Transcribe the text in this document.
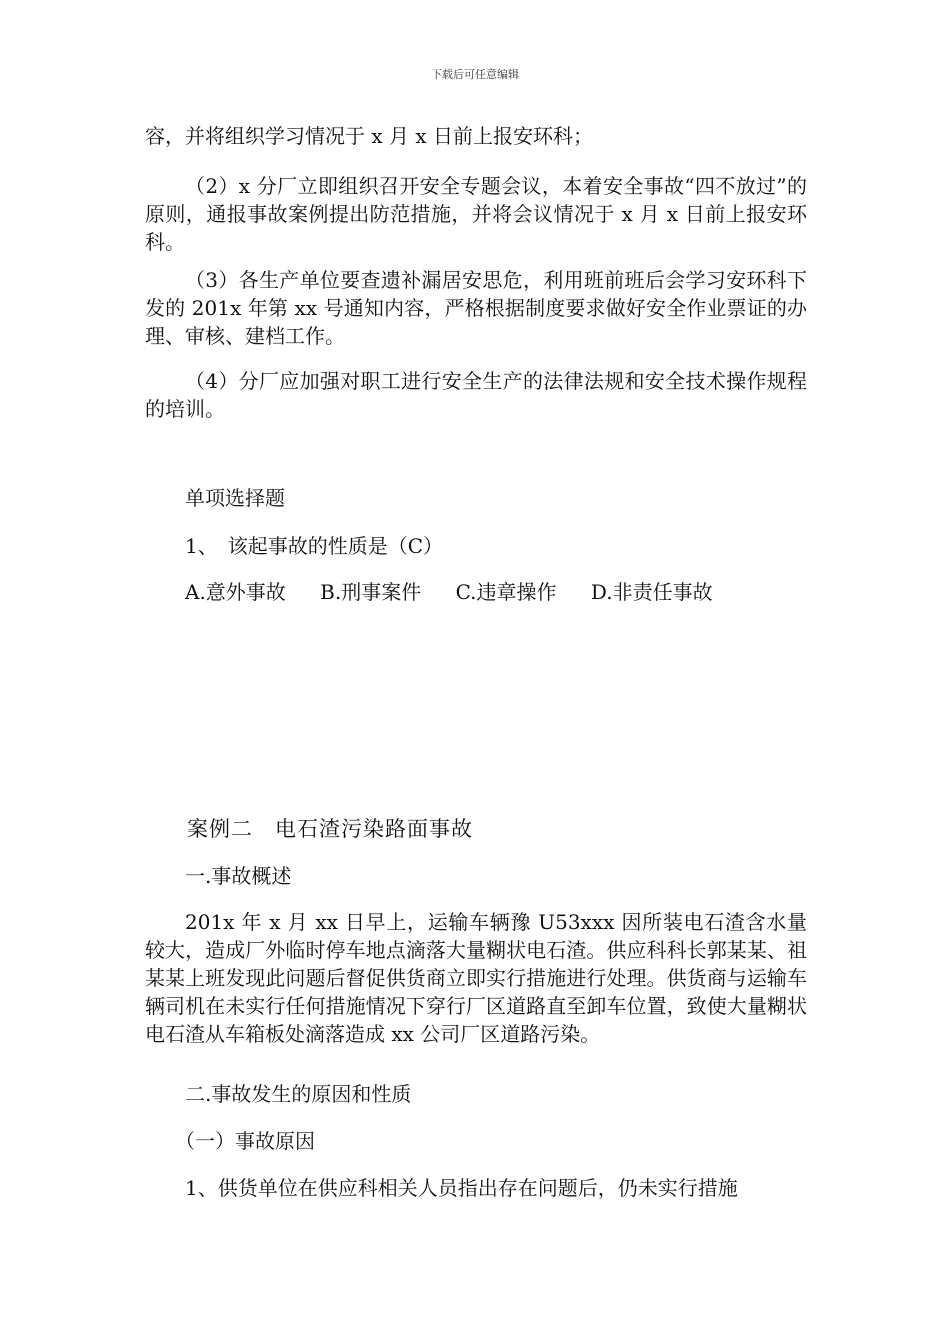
下载后可任意编辑

容，并将组织学习情况于 x 月 x 日前上报安环科；

（2）x 分厂立即组织召开安全专题会议，本着安全事故“四不放过”的原则，通报事故案例提出防范措施，并将会议情况于 x 月 x 日前上报安环科。

（3）各生产单位要查遗补漏居安思危，利用班前班后会学习安环科下发的 201x 年第 xx 号通知内容，严格根据制度要求做好安全作业票证的办理、审核、建档工作。

（4）分厂应加强对职工进行安全生产的法律法规和安全技术操作规程的培训。

单项选择题

1、　该起事故的性质是（C）

A.意外事故 B.刑事案件 C.违章操作 D.非责任事故

案例二 电石渣污染路面事故

一.事故概述

201x 年 x 月 xx 日早上，运输车辆豫 U53xxx 因所装电石渣含水量较大，造成厂外临时停车地点滴落大量糊状电石渣。供应科科长郭某某、祖某某上班发现此问题后督促供货商立即实行措施进行处理。供货商与运输车辆司机在未实行任何措施情况下穿行厂区道路直至卸车位置，致使大量糊状电石渣从车箱板处滴落造成 xx 公司厂区道路污染。

二.事故发生的原因和性质

（一）事故原因

1、供货单位在供应科相关人员指出存在问题后，仍未实行措施
